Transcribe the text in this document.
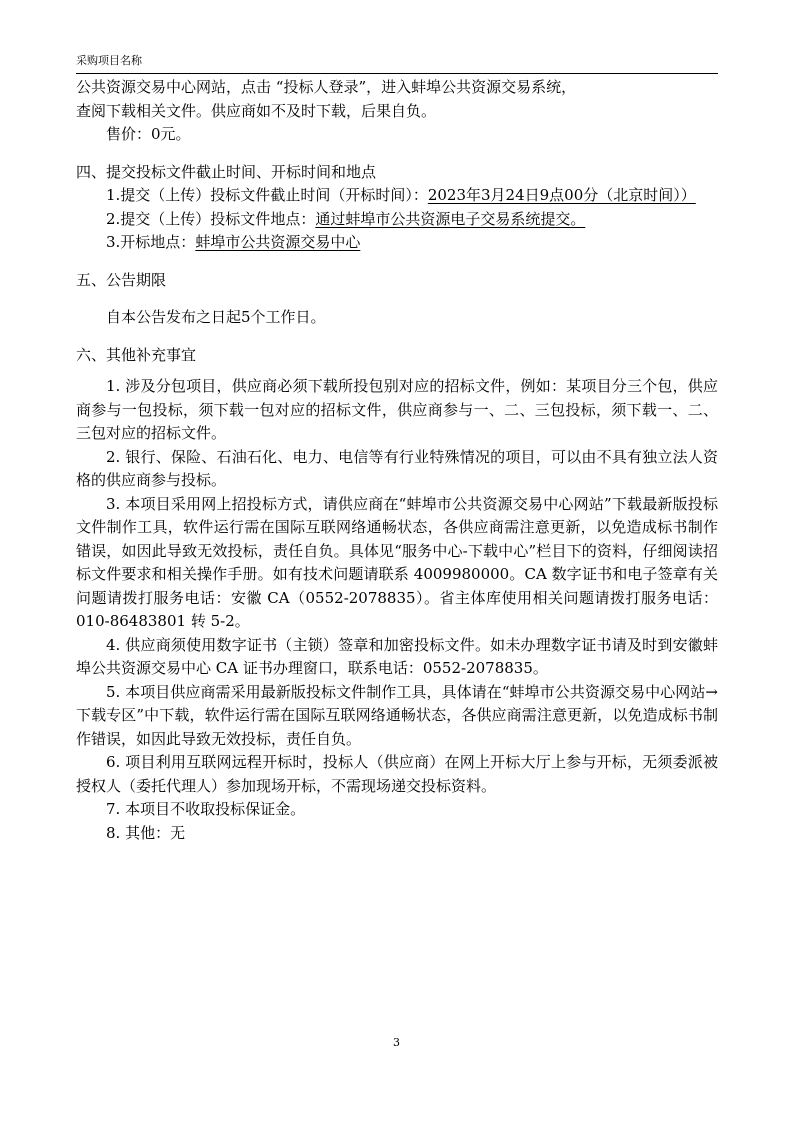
采购项目名称

公共资源交易中心网站，点击 “投标人登录”，进入蚌埠公共资源交易系统，

查阅下载相关文件。供应商如不及时下载，后果自负。

售价：0元。

四、提交投标文件截止时间、开标时间和地点

1.提交（上传）投标文件截止时间（开标时间）：2023年3月24日9点00分（北京时间））

2.提交（上传）投标文件地点：通过蚌埠市公共资源电子交易系统提交。

3.开标地点：蚌埠市公共资源交易中心

五、公告期限

自本公告发布之日起5个工作日。

六、其他补充事宜

1. 涉及分包项目，供应商必须下载所投包别对应的招标文件，例如：某项目分三个包，供应商参与一包投标，须下载一包对应的招标文件，供应商参与一、二、三包投标，须下载一、二、三包对应的招标文件。

2. 银行、保险、石油石化、电力、电信等有行业特殊情况的项目，可以由不具有独立法人资格的供应商参与投标。

3. 本项目采用网上招投标方式，请供应商在“蚌埠市公共资源交易中心网站”下载最新版投标文件制作工具，软件运行需在国际互联网络通畅状态，各供应商需注意更新，以免造成标书制作错误，如因此导致无效投标，责任自负。具体见“服务中心-下载中心”栏目下的资料，仔细阅读招标文件要求和相关操作手册。如有技术问题请联系 4009980000。CA 数字证书和电子签章有关问题请拨打服务电话：安徽 CA（0552-2078835）。省主体库使用相关问题请拨打服务电话：010-86483801 转 5-2。

4. 供应商须使用数字证书（主锁）签章和加密投标文件。如未办理数字证书请及时到安徽蚌埠公共资源交易中心 CA 证书办理窗口，联系电话：0552-2078835。

5. 本项目供应商需采用最新版投标文件制作工具，具体请在“蚌埠市公共资源交易中心网站→下载专区”中下载，软件运行需在国际互联网络通畅状态，各供应商需注意更新，以免造成标书制作错误，如因此导致无效投标，责任自负。

6. 项目利用互联网远程开标时，投标人（供应商）在网上开标大厅上参与开标，无须委派被授权人（委托代理人）参加现场开标，不需现场递交投标资料。

7. 本项目不收取投标保证金。

8. 其他：无

3
